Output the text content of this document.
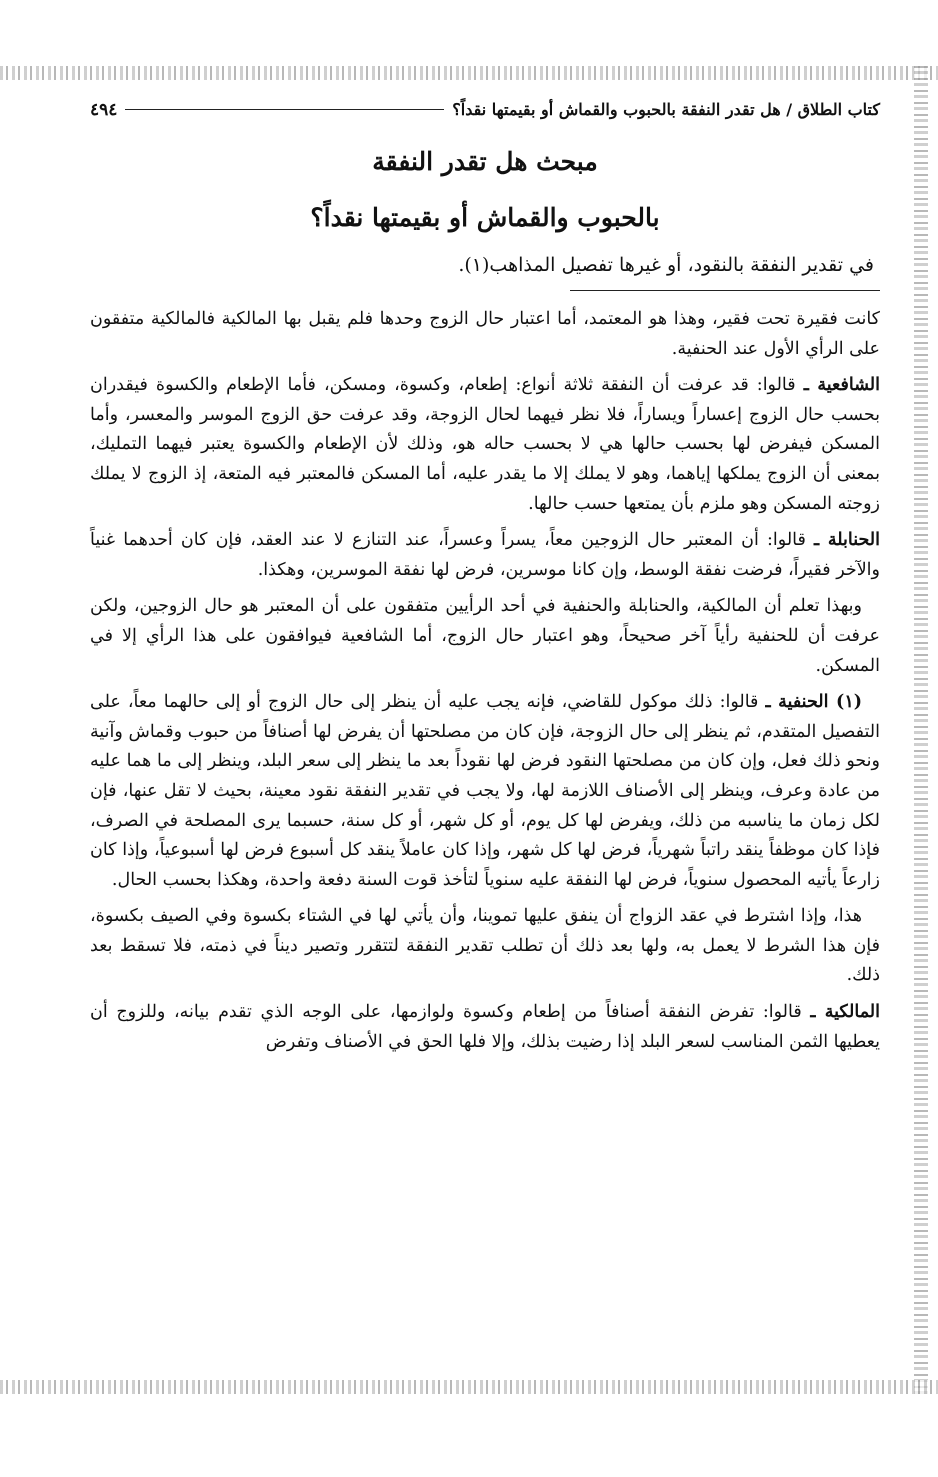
كتاب الطلاق / هل تقدر النفقة بالحبوب والقماش أو بقيمتها نقداً؟
٤٩٤
مبحث هل تقدر النفقة
بالحبوب والقماش أو بقيمتها نقداً؟

في تقدير النفقة بالنقود، أو غيرها تفصيل المذاهب(١).

كانت فقيرة تحت فقير، وهذا هو المعتمد، أما اعتبار حال الزوج وحدها فلم يقبل بها المالكية فالمالكية متفقون على الرأي الأول عند الحنفية.

الشافعية ـ قالوا: قد عرفت أن النفقة ثلاثة أنواع: إطعام، وكسوة، ومسكن، فأما الإطعام والكسوة فيقدران بحسب حال الزوج إعساراً ويساراً، فلا نظر فيهما لحال الزوجة، وقد عرفت حق الزوج الموسر والمعسر، وأما المسكن فيفرض لها بحسب حالها هي لا بحسب حاله هو، وذلك لأن الإطعام والكسوة يعتبر فيهما التمليك، بمعنى أن الزوج يملكها إياهما، وهو لا يملك إلا ما يقدر عليه، أما المسكن فالمعتبر فيه المتعة، إذ الزوج لا يملك زوجته المسكن وهو ملزم بأن يمتعها حسب حالها.

الحنابلة ـ قالوا: أن المعتبر حال الزوجين معاً، يسراً وعسراً، عند التنازع لا عند العقد، فإن كان أحدهما غنياً والآخر فقيراً، فرضت نفقة الوسط، وإن كانا موسرين، فرض لها نفقة الموسرين، وهكذا.

وبهذا تعلم أن المالكية، والحنابلة والحنفية في أحد الرأيين متفقون على أن المعتبر هو حال الزوجين، ولكن عرفت أن للحنفية رأياً آخر صحيحاً، وهو اعتبار حال الزوج، أما الشافعية فيوافقون على هذا الرأي إلا في المسكن.

(١) الحنفية ـ قالوا: ذلك موكول للقاضي، فإنه يجب عليه أن ينظر إلى حال الزوج أو إلى حالهما معاً، على التفصيل المتقدم، ثم ينظر إلى حال الزوجة، فإن كان من مصلحتها أن يفرض لها أصنافاً من حبوب وقماش وآنية ونحو ذلك فعل، وإن كان من مصلحتها النقود فرض لها نقوداً بعد ما ينظر إلى سعر البلد، وينظر إلى ما هما عليه من عادة وعرف، وينظر إلى الأصناف اللازمة لها، ولا يجب في تقدير النفقة نقود معينة، بحيث لا تقل عنها، فإن لكل زمان ما يناسبه من ذلك، ويفرض لها كل يوم، أو كل شهر، أو كل سنة، حسبما يرى المصلحة في الصرف، فإذا كان موظفاً ينقد راتباً شهرياً، فرض لها كل شهر، وإذا كان عاملاً ينقد كل أسبوع فرض لها أسبوعياً، وإذا كان زارعاً يأتيه المحصول سنوياً، فرض لها النفقة عليه سنوياً لتأخذ قوت السنة دفعة واحدة، وهكذا بحسب الحال.

هذا، وإذا اشترط في عقد الزواج أن ينفق عليها تموينا، وأن يأتي لها في الشتاء بكسوة وفي الصيف بكسوة، فإن هذا الشرط لا يعمل به، ولها بعد ذلك أن تطلب تقدير النفقة لتتقرر وتصير ديناً في ذمته، فلا تسقط بعد ذلك.

المالكية ـ قالوا: تفرض النفقة أصنافاً من إطعام وكسوة ولوازمها، على الوجه الذي تقدم بيانه، وللزوج أن يعطيها الثمن المناسب لسعر البلد إذا رضيت بذلك، وإلا فلها الحق في الأصناف وتفرض
